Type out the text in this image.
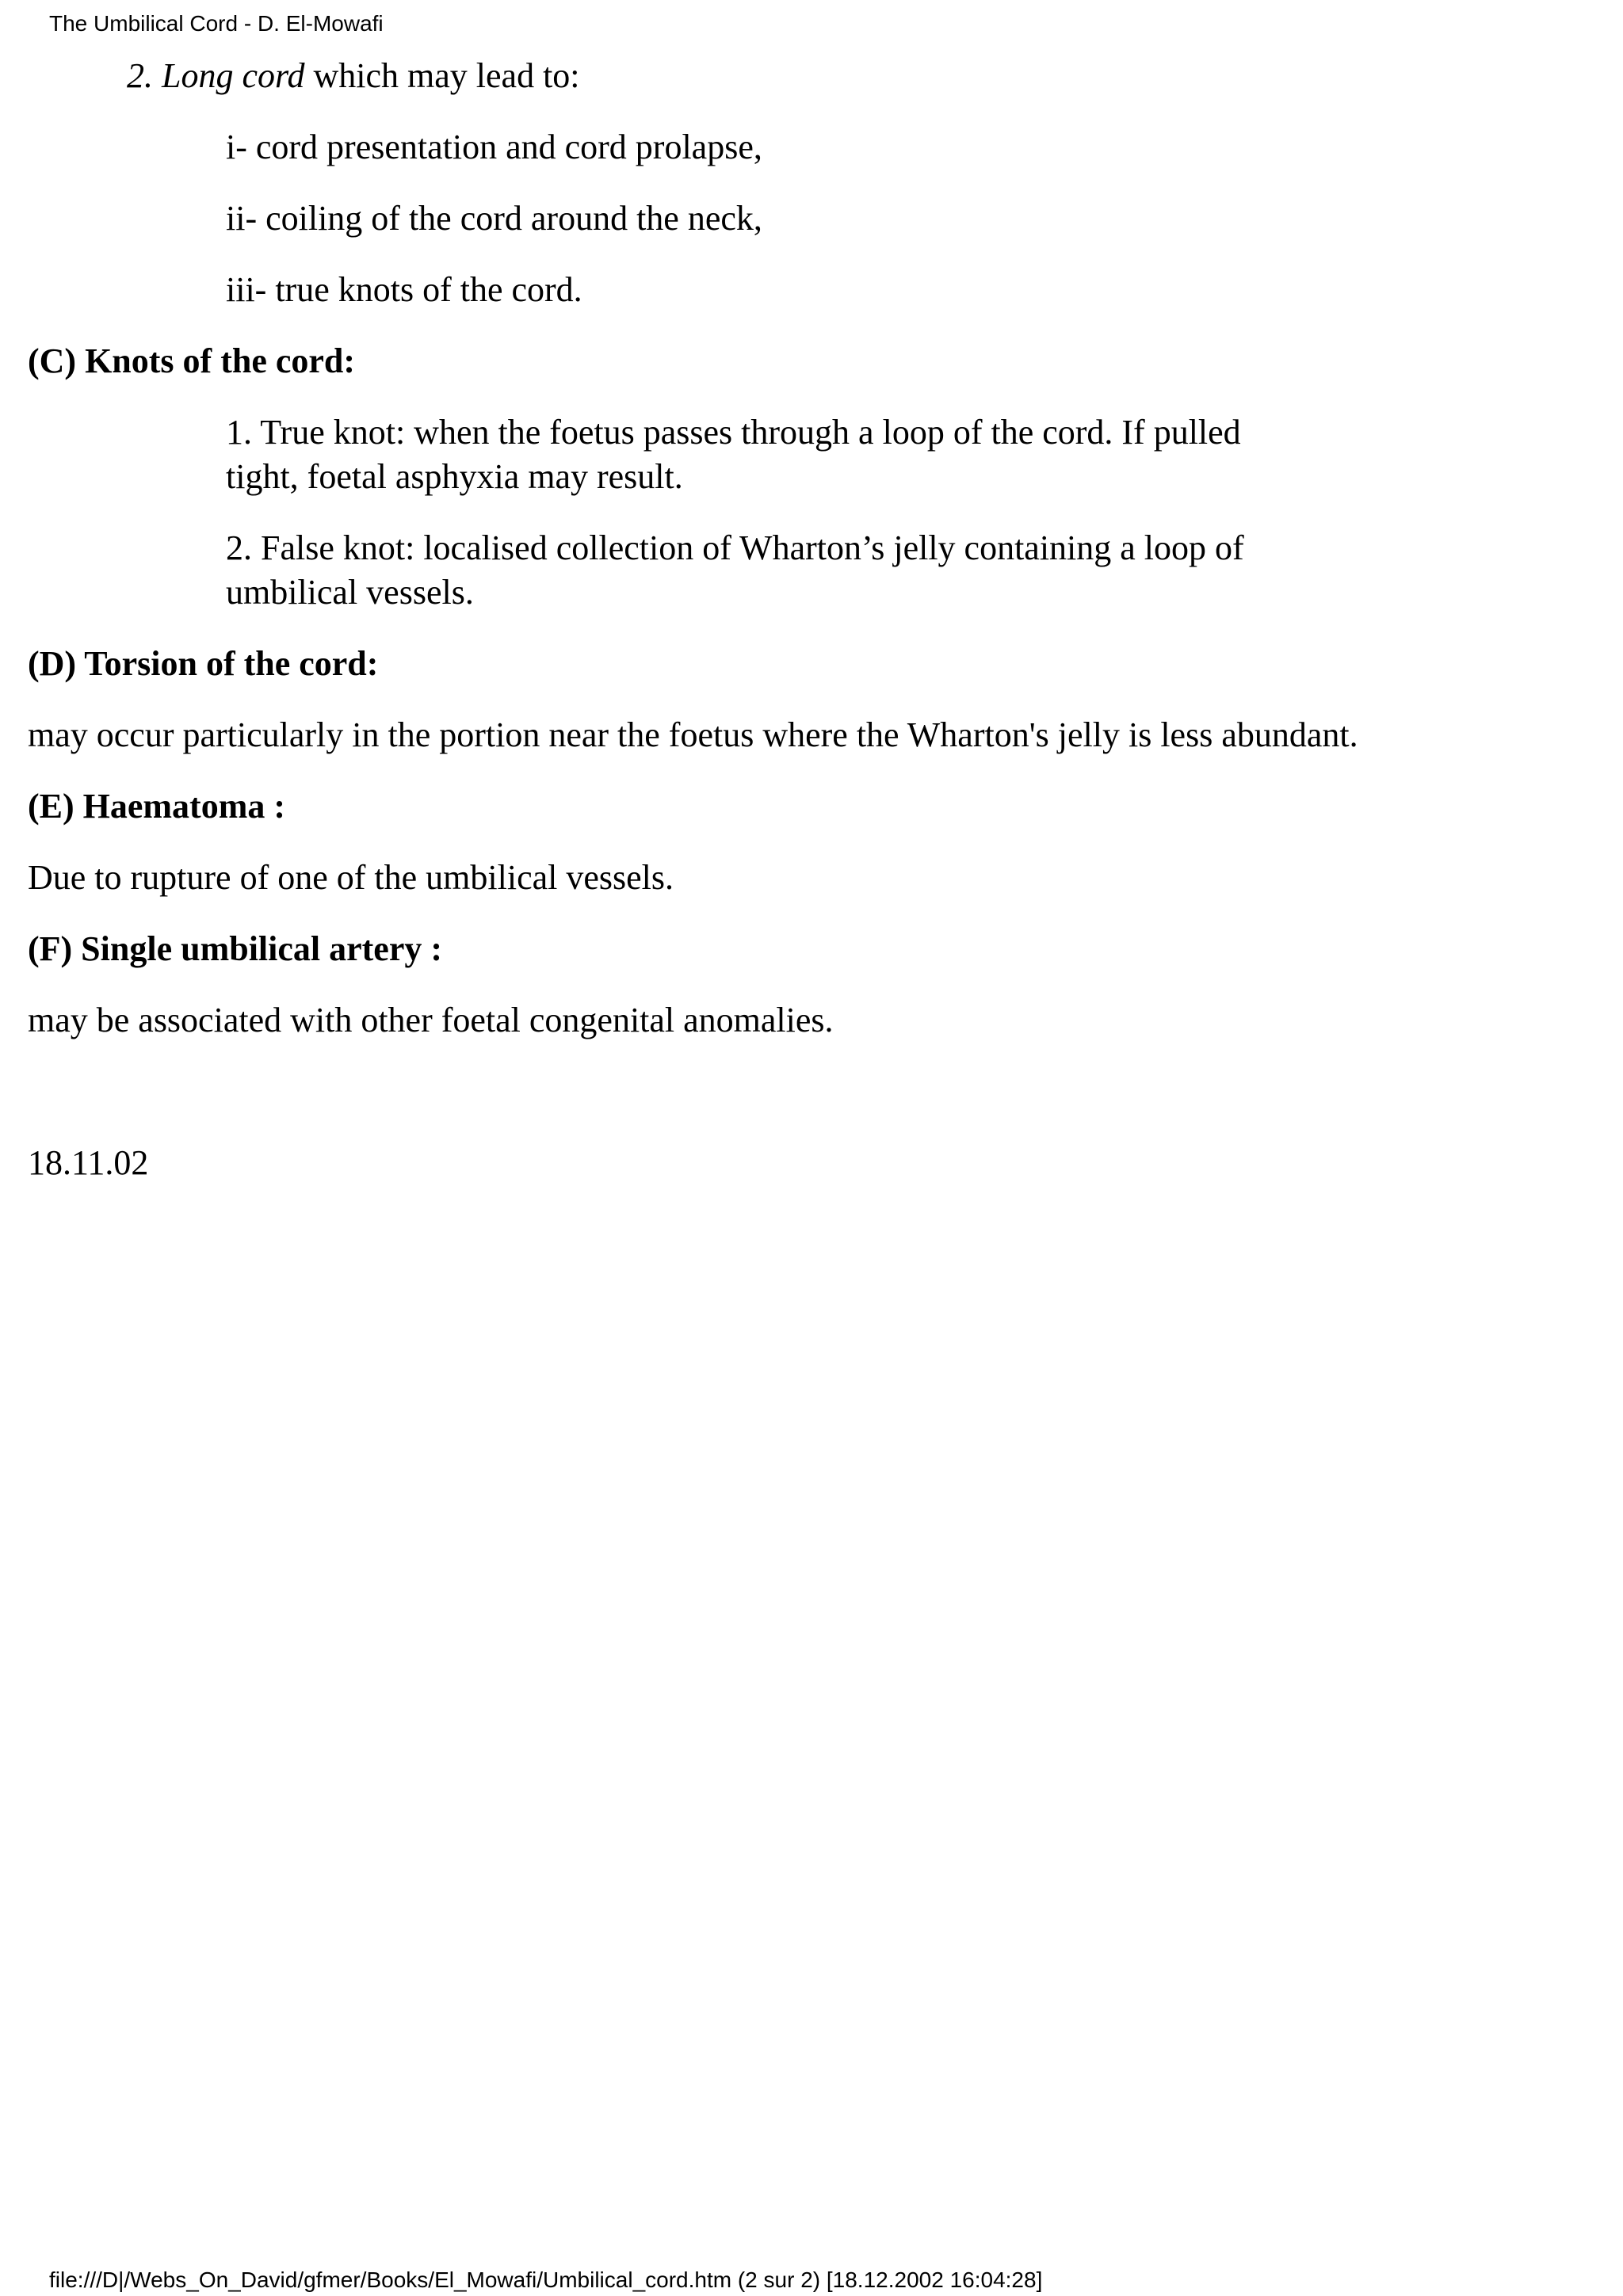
The Umbilical Cord - D. El-Mowafi
2. Long cord which may lead to:
i- cord presentation and cord prolapse,
ii- coiling of the cord around the neck,
iii- true knots of the cord.
(C) Knots of the cord:
1. True knot: when the foetus passes through a loop of the cord. If pulled
tight, foetal asphyxia may result.
2. False knot: localised collection of Wharton’s jelly containing a loop of
umbilical vessels.
(D) Torsion of the cord:
may occur particularly in the portion near the foetus where the Wharton's jelly is less abundant.
(E) Haematoma :
Due to rupture of one of the umbilical vessels.
(F) Single umbilical artery :
may be associated with other foetal congenital anomalies.
18.11.02
file:///D|/Webs_On_David/gfmer/Books/El_Mowafi/Umbilical_cord.htm (2 sur 2) [18.12.2002 16:04:28]
